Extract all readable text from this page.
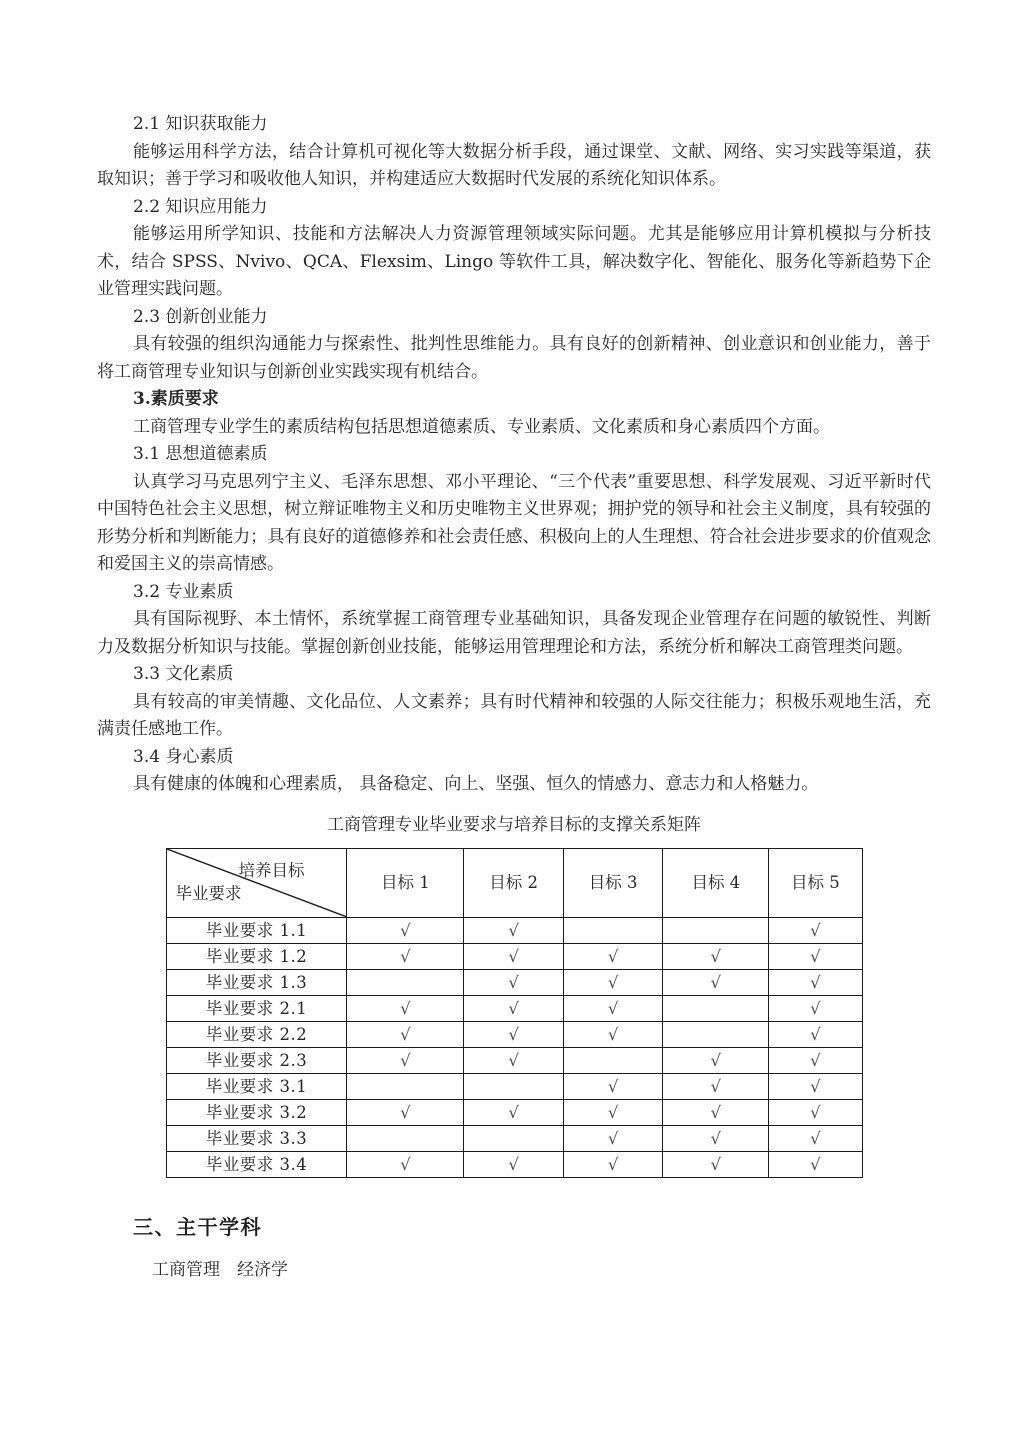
2.1 知识获取能力
能够运用科学方法，结合计算机可视化等大数据分析手段，通过课堂、文献、网络、实习实践等渠道，获取知识；善于学习和吸收他人知识，并构建适应大数据时代发展的系统化知识体系。
2.2 知识应用能力
能够运用所学知识、技能和方法解决人力资源管理领域实际问题。尤其是能够应用计算机模拟与分析技术，结合 SPSS、Nvivo、QCA、Flexsim、Lingo 等软件工具，解决数字化、智能化、服务化等新趋势下企业管理实践问题。
2.3 创新创业能力
具有较强的组织沟通能力与探索性、批判性思维能力。具有良好的创新精神、创业意识和创业能力，善于将工商管理专业知识与创新创业实践实现有机结合。
3.素质要求
工商管理专业学生的素质结构包括思想道德素质、专业素质、文化素质和身心素质四个方面。
3.1 思想道德素质
认真学习马克思列宁主义、毛泽东思想、邓小平理论、“三个代表”重要思想、科学发展观、习近平新时代中国特色社会主义思想，树立辩证唯物主义和历史唯物主义世界观；拥护党的领导和社会主义制度，具有较强的形势分析和判断能力；具有良好的道德修养和社会责任感、积极向上的人生理想、符合社会进步要求的价值观念和爱国主义的崇高情感。
3.2 专业素质
具有国际视野、本土情怀，系统掌握工商管理专业基础知识，具备发现企业管理存在问题的敏锐性、判断力及数据分析知识与技能。掌握创新创业技能，能够运用管理理论和方法，系统分析和解决工商管理类问题。
3.3 文化素质
具有较高的审美情趣、文化品位、人文素养；具有时代精神和较强的人际交往能力；积极乐观地生活，充满责任感地工作。
3.4 身心素质
具有健康的体魄和心理素质， 具备稳定、向上、坚强、恒久的情感力、意志力和人格魅力。
工商管理专业毕业要求与培养目标的支撑关系矩阵
培养目标
毕业要求	目标 1	目标 2	目标 3	目标 4	目标 5
毕业要求 1.1	√	√			√
毕业要求 1.2	√	√	√	√	√
毕业要求 1.3		√	√	√	√
毕业要求 2.1	√	√	√		√
毕业要求 2.2	√	√	√		√
毕业要求 2.3	√	√		√	√
毕业要求 3.1			√	√	√
毕业要求 3.2	√	√	√	√	√
毕业要求 3.3			√	√	√
毕业要求 3.4	√	√	√	√	√
三、主干学科
工商管理　经济学
